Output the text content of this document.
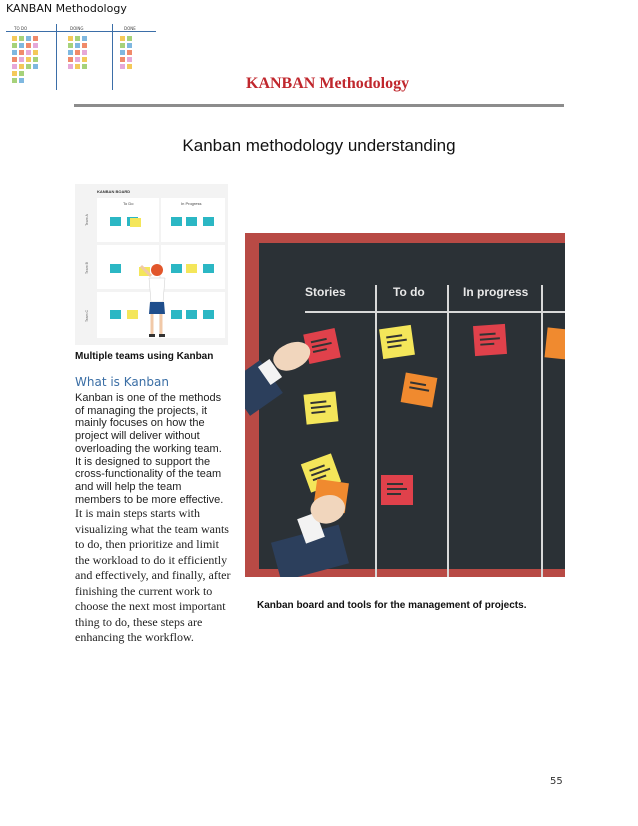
KANBAN Methodology
TO DO	DOING	DONE
KANBAN Methodology
Kanban methodology understanding
KANBAN BOARD
To Do	In Progress
Team A
Team B
Team C
Multiple teams using Kanban
What is Kanban

Kanban is one of the methods of managing the projects, it mainly focuses on how the project will deliver without overloading the working team. It is designed to support the cross-functionality of the team and will help the team members to be more effective.

It is main steps starts with visualizing what the team wants to do, then prioritize and limit the workload to do it efficiently and effectively, and finally, after finishing the current work to choose the next most important thing to do, these steps are enhancing the workflow.

Stories	To do	In progress
Kanban board and tools for the management of projects.
55
